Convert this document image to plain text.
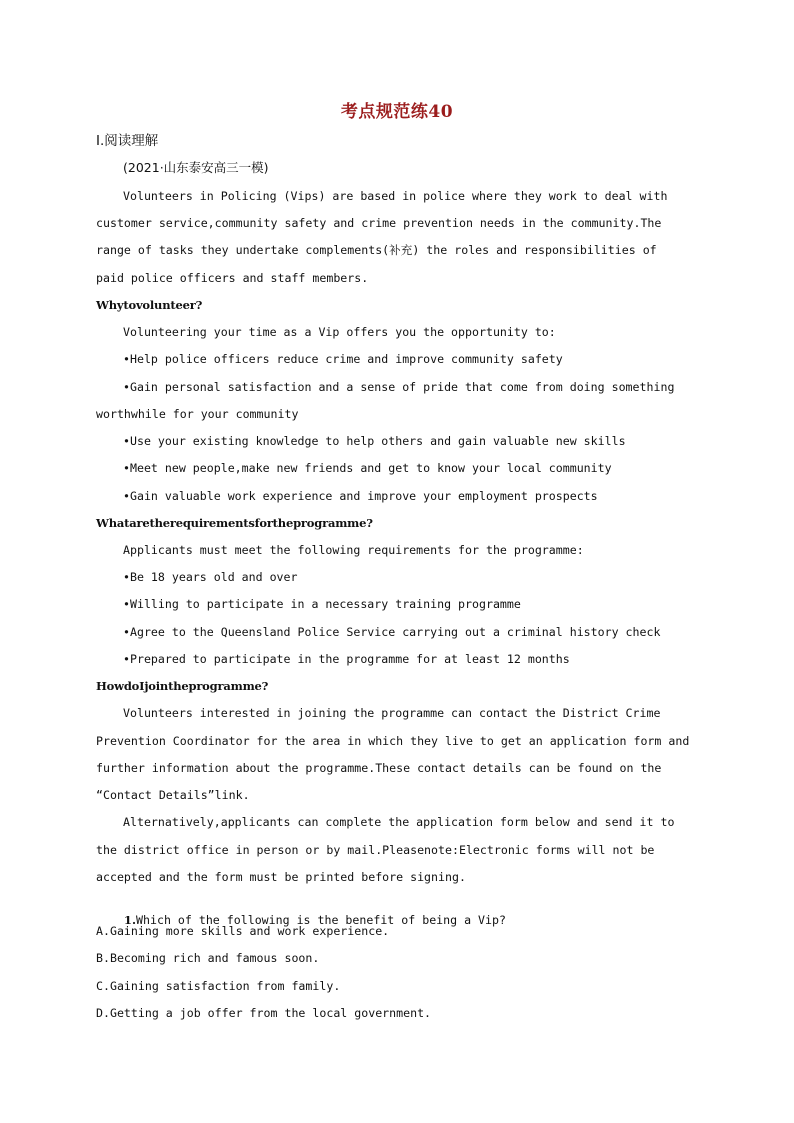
考点规范练40
Ⅰ.阅读理解
(2021·山东泰安高三一模)
Volunteers in Policing (Vips) are based in police where they work to deal with
customer service,community safety and crime prevention needs in the community.The
range of tasks they undertake complements(补充) the roles and responsibilities of
paid police officers and staff members.
Whytovolunteer?
Volunteering your time as a Vip offers you the opportunity to:
•Help police officers reduce crime and improve community safety
•Gain personal satisfaction and a sense of pride that come from doing something
worthwhile for your community
•Use your existing knowledge to help others and gain valuable new skills
•Meet new people,make new friends and get to know your local community
•Gain valuable work experience and improve your employment prospects
Whataretherequirementsfortheprogramme?
Applicants must meet the following requirements for the programme:
•Be 18 years old and over
•Willing to participate in a necessary training programme
•Agree to the Queensland Police Service carrying out a criminal history check
•Prepared to participate in the programme for at least 12 months
HowdoIjointheprogramme?
Volunteers interested in joining the programme can contact the District Crime
Prevention Coordinator for the area in which they live to get an application form and
further information about the programme.These contact details can be found on the
“Contact Details”link.
Alternatively,applicants can complete the application form below and send it to
the district office in person or by mail.Pleasenote:Electronic forms will not be
accepted and the form must be printed before signing.

1.Which of the following is the benefit of being a Vip?

A.Gaining more skills and work experience.
B.Becoming rich and famous soon.
C.Gaining satisfaction from family.
D.Getting a job offer from the local government.
